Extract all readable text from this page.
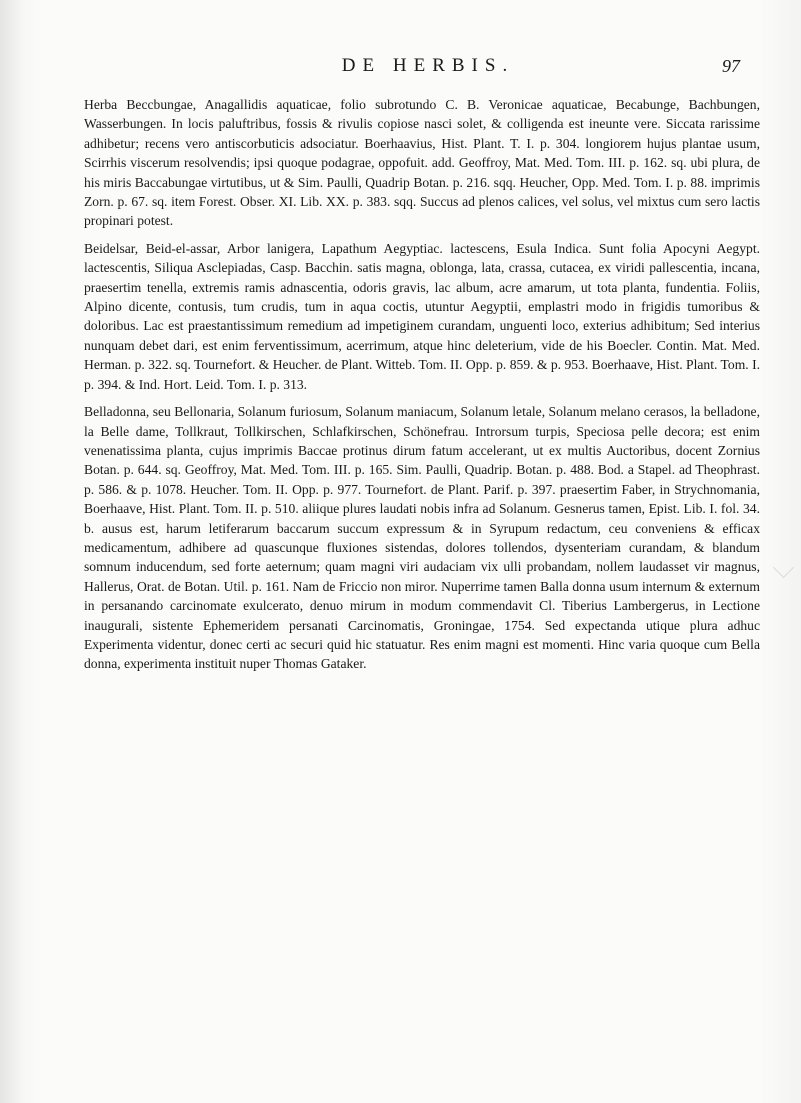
DE HERBIS.	97

Herba Beccbungae, Anagallidis aquaticae, folio subrotundo C. B. Veronicae aquaticae, Becabunge, Bachbungen, Wasserbungen. In locis paluftribus, fossis & rivulis copiose nasci solet, & colligenda est ineunte vere. Siccata rarissime adhibetur; recens vero antiscorbuticis adsociatur. Boerhaavius, Hist. Plant. T. I. p. 304. longiorem hujus plantae usum, Scirrhis viscerum resolvendis; ipsi quoque podagrae, oppofuit. add. Geoffroy, Mat. Med. Tom. III. p. 162. sq. ubi plura, de his miris Baccabungae virtutibus, ut & Sim. Paulli, Quadrip Botan. p. 216. sqq. Heucher, Opp. Med. Tom. I. p. 88. imprimis Zorn. p. 67. sq. item Forest. Obser. XI. Lib. XX. p. 383. sqq. Succus ad plenos calices, vel solus, vel mixtus cum sero lactis propinari potest.

Beidelsar, Beid-el-assar, Arbor lanigera, Lapathum Aegyptiac. lactescens, Esula Indica. Sunt folia Apocyni Aegypt. lactescentis, Siliqua Asclepiadas, Casp. Bacchin. satis magna, oblonga, lata, crassa, cutacea, ex viridi pallescentia, incana, praesertim tenella, extremis ramis adnascentia, odoris gravis, lac album, acre amarum, ut tota planta, fundentia. Foliis, Alpino dicente, contusis, tum crudis, tum in aqua coctis, utuntur Aegyptii, emplastri modo in frigidis tumoribus & doloribus. Lac est praestantissimum remedium ad impetiginem curandam, unguenti loco, exterius adhibitum; Sed interius nunquam debet dari, est enim ferventissimum, acerrimum, atque hinc deleterium, vide de his Boecler. Contin. Mat. Med. Herman. p. 322. sq. Tournefort. & Heucher. de Plant. Witteb. Tom. II. Opp. p. 859. & p. 953. Boerhaave, Hist. Plant. Tom. I. p. 394. & Ind. Hort. Leid. Tom. I. p. 313.

Belladonna, seu Bellonaria, Solanum furiosum, Solanum maniacum, Solanum letale, Solanum melano cerasos, la belladone, la Belle dame, Tollkraut, Tollkirschen, Schlafkirschen, Schönefrau. Introrsum turpis, Speciosa pelle decora; est enim venenatissima planta, cujus imprimis Baccae protinus dirum fatum accelerant, ut ex multis Auctoribus, docent Zornius Botan. p. 644. sq. Geoffroy, Mat. Med. Tom. III. p. 165. Sim. Paulli, Quadrip. Botan. p. 488. Bod. a Stapel. ad Theophrast. p. 586. & p. 1078. Heucher. Tom. II. Opp. p. 977. Tournefort. de Plant. Parif. p. 397. praesertim Faber, in Strychnomania, Boerhaave, Hist. Plant. Tom. II. p. 510. aliique plures laudati nobis infra ad Solanum. Gesnerus tamen, Epist. Lib. I. fol. 34. b. ausus est, harum letiferarum baccarum succum expressum & in Syrupum redactum, ceu conveniens & efficax medicamentum, adhibere ad quascunque fluxiones sistendas, dolores tollendos, dysenteriam curandam, & blandum somnum inducendum, sed forte aeternum; quam magni viri audaciam vix ulli probandam, nollem laudasset vir magnus, Hallerus, Orat. de Botan. Util. p. 161. Nam de Friccio non miror. Nuperrime tamen Balla donna usum internum & externum in persanando carcinomate exulcerato, denuo mirum in modum commendavit Cl. Tiberius Lambergerus, in Lectione inaugurali, sistente Ephemeridem persanati Carcinomatis, Groningae, 1754. Sed expectanda utique plura adhuc Experimenta videntur, donec certi ac securi quid hic statuatur. Res enim magni est momenti. Hinc varia quoque cum Bella donna, experimenta instituit nuper Thomas Gataker.
